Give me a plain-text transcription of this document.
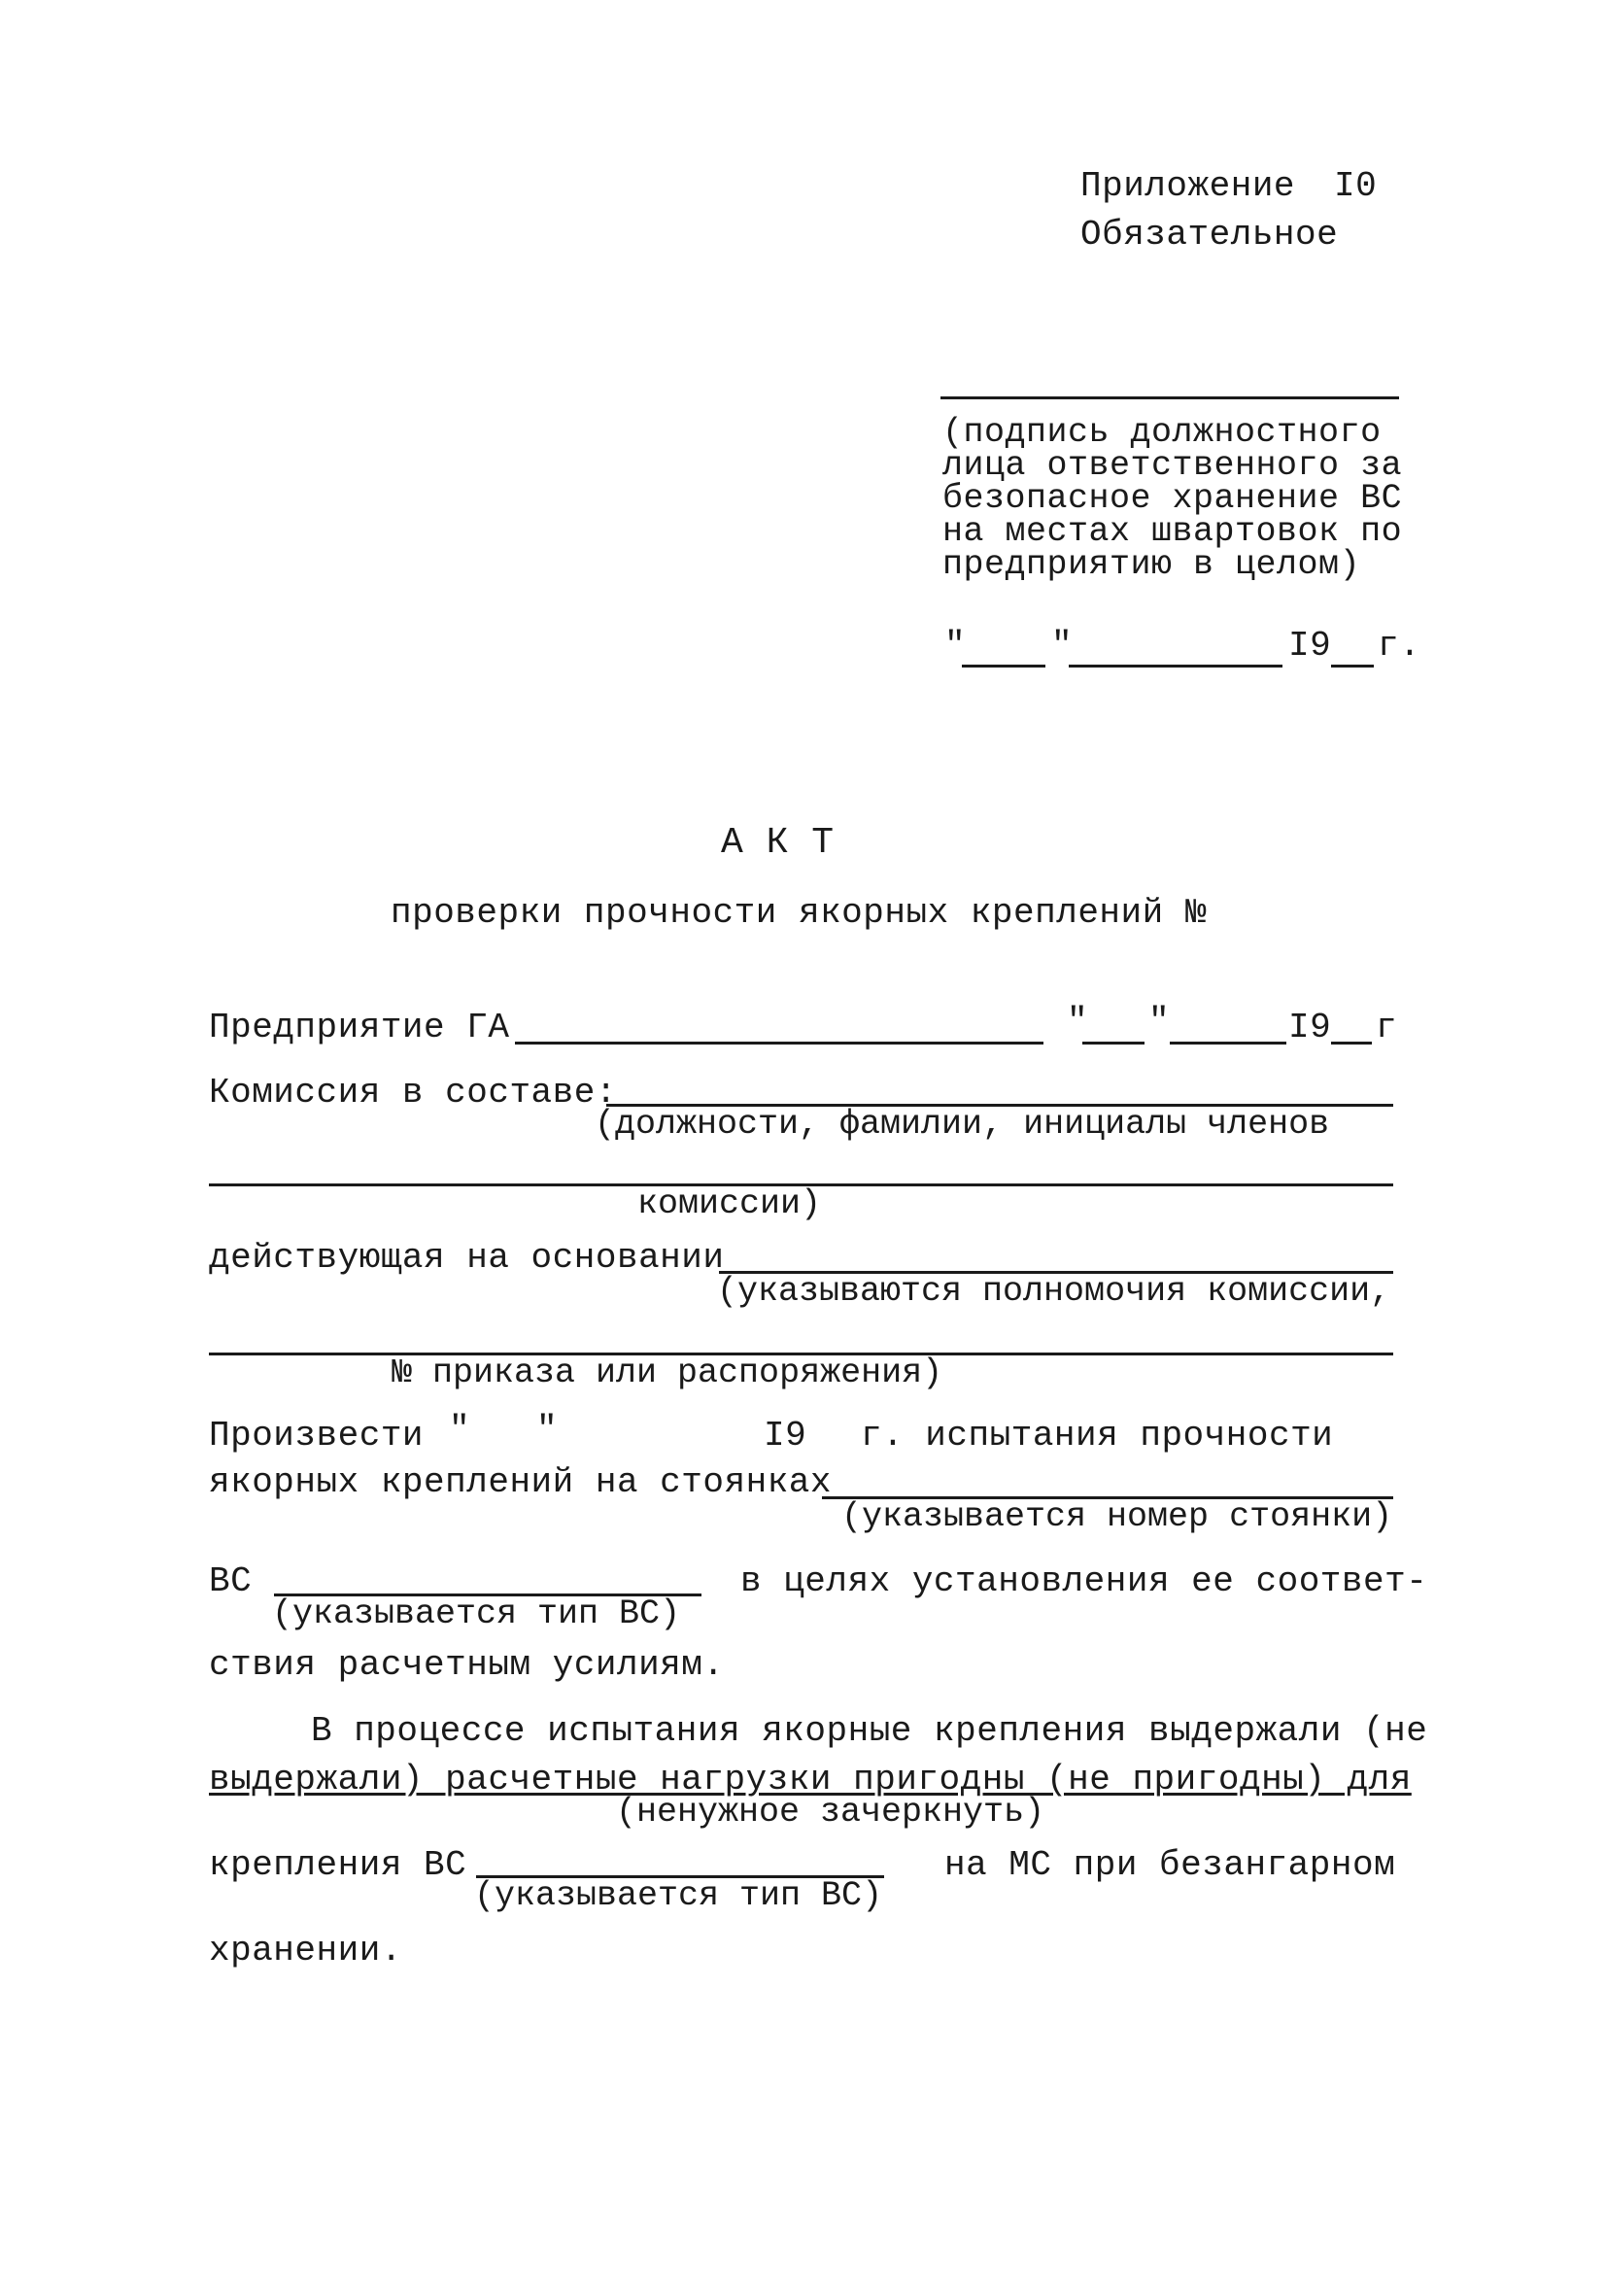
Приложение I0
Обязательное
(подпись должностного
лица ответственного за
безопасное хранение ВС
на местах швартовок по
предприятию в целом)
" "	I9 г.
А К Т
проверки прочности якорных креплений №
Предприятие ГА	" "	I9 г
Комиссия в составе:
(должности, фамилии, инициалы членов
комиссии)
действующая на основании
(указываются полномочия комиссии,
№ приказа или распоряжения)
Произвести " "	I9 г. испытания прочности
якорных креплений на стоянках
(указывается номер стоянки)
ВС
(указывается тип ВС)
в целях установления ее соответ-
ствия расчетным усилиям.
В процессе испытания якорные крепления выдержали (не
выдержали) расчетные нагрузки пригодны (не пригодны) для
(ненужное зачеркнуть)
крепления ВС
(указывается тип ВС)
на МС при безангарном
хранении.
